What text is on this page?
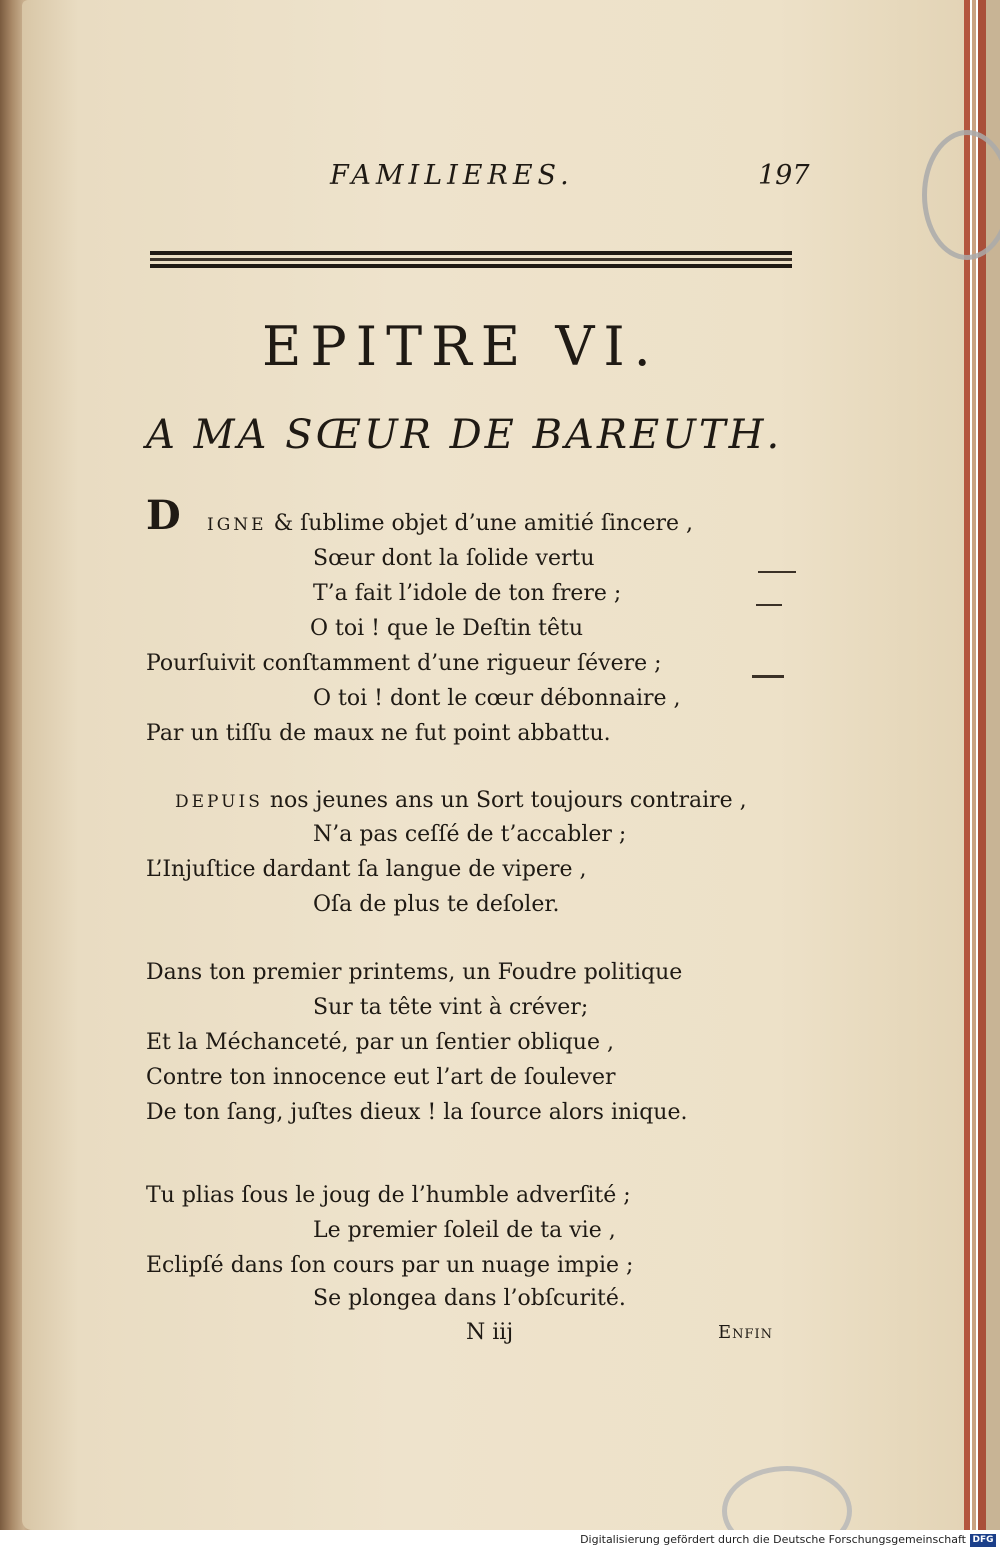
FAMILIERES.	197
EPITRE VI.
A MA SŒUR DE BAREUTH.
D IGNE & ſublime objet d’une amitié ſincere ,
Sœur dont la ſolide vertu
T’a fait l’idole de ton frere ;
O toi ! que le Deſtin têtu
Pourſuivit conſtamment d’une rigueur ſévere ;
O toi ! dont le cœur débonnaire ,
Par un tiſſu de maux ne fut point abbattu.
DEPUIS nos jeunes ans un Sort toujours contraire ,
N’a pas ceſſé de t’accabler ;
L’Injuſtice dardant ſa langue de vipere ,
Oſa de plus te deſoler.
Dans ton premier printems, un Foudre politique
Sur ta tête vint à créver;
Et la Méchanceté, par un ſentier oblique ,
Contre ton innocence eut l’art de ſoulever
De ton ſang, juſtes dieux ! la ſource alors inique.
Tu plias ſous le joug de l’humble adverſité ;
Le premier ſoleil de ta vie ,
Eclipſé dans ſon cours par un nuage impie ;
Se plongea dans l’obſcurité.
N iij	Enfin
Digitalisierung gefördert durch die Deutsche Forschungsgemeinschaft DFG
